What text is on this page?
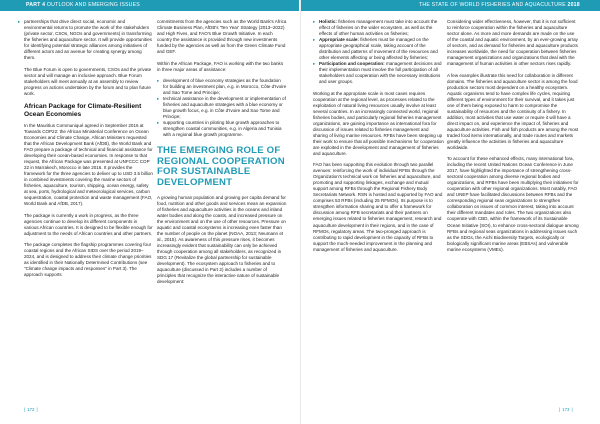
PART 4 OUTLOOK AND EMERGING ISSUES	THE STATE OF WORLD FISHERIES AND AQUACULTURE 2018
▸ partnerships that drive direct social, economic and environmental returns to promote the work of the stakeholders (private sector, CSOs, NGOs and governments) in transforming the fisheries and aquaculture sector. It will provide opportunities for identifying potential strategic alliances among initiatives of different actors and an avenue for creating synergy among them.

The Blue Forum is open to governments, CSOs and the private sector and will manage an inclusive approach. Blue Forum stakeholders will meet annually at an assembly to review progress on actions undertaken by the forum and to plan future work.

African Package for Climate-Resilient Ocean Economies

In the Mauritius Communiqué agreed in September 2016 at Towards COP22: the African Ministerial Conference on Ocean Economies and Climate Change, African Ministers requested that the African Development Bank (AfDB), the World Bank and FAO prepare a package of technical and financial assistance for developing their ocean-based economies. In response to that request, the African Package was presented at UNFCCC COP 22 in Marrakech, Morocco in late 2016. It provides the framework for the three agencies to deliver up to USD 3.5 billion in combined investments covering the marine sectors of fisheries, aquaculture, tourism, shipping, ocean energy, safety at sea, ports, hydrological and meteorological services, carbon sequestration, coastal protection and waste management (FAO, World Bank and AfDB, 2017).

The package is currently a work in progress, as the three agencies continue to develop its different components in various African countries. It is designed to be flexible enough for adjustment to the needs of African countries and other partners.

The package completes the flagship programmes covering four coastal regions and the African SIDS over the period 2019–2024, and is designed to address their climate change priorities as identified in their Nationally Determined Contributions (see "Climate change impacts and responses" in Part 3). The approach supports

commitments from the agencies such as the World Bank's Africa Climate Business Plan, AfDB's 'Ten Year' Strategy (2013–2022) and High Fives, and FAO's Blue Growth Initiative. In each country the assistance is provided through new investments funded by the agencies as well as from the Green Climate Fund and GEF.

Within the African Package, FAO is working with the two banks in three major areas of assistance:

▸ development of blue economy strategies as the foundation for building an investment plan, e.g. in Morocco, Côte d'Ivoire and Sao Tome and Principe;
▸ technical assistance in the development or implementation of fisheries and aquaculture strategies with a blue economy or blue growth focus, e.g. in Côte d'Ivoire and Sao Tome and Principe;
▸ supporting countries in piloting blue growth approaches to strengthen coastal communities, e.g. in Algeria and Tunisia with a regional blue growth programme.
THE EMERGING ROLE OF REGIONAL COOPERATION FOR SUSTAINABLE DEVELOPMENT

A growing human population and growing per capita demand for food, nutrition and other goods and services mean an expansion of fisheries and aquaculture activities in the oceans and inland water bodies and along the coasts, and increased pressure on the environment and on the use of other resources. Pressure on aquatic and coastal ecosystems is increasing even faster than the number of people on the planet (NOAA, 2013; Neumann et al., 2015). As awareness of this pressure rises, it becomes increasingly evident that sustainability can only be achieved through cooperation among all stakeholders, as recognized in SDG 17 (Revitalize the global partnership for sustainable development). The ecosystem approach to fisheries and to aquaculture (discussed in Part 2) includes a number of principles that recognize the interactive nature of sustainable development:

▸ Holistic: fisheries management must take into account the effect of fisheries on the wider ecosystem, as well as the effects of other human activities on fisheries;
▸ Appropriate scale: fisheries must be managed on the appropriate geographical scale, taking account of the distribution and patterns of movement of the resources and other elements affecting or being affected by fisheries;
▸ Participation and cooperation: management decisions and their implementation must involve the full participation of all stakeholders and cooperation with the necessary institutions and user groups.

Working at the appropriate scale in most cases requires cooperation at the regional level, as processes related to the exploitation of natural living resources usually involve at least several countries. In an increasingly connected world, regional fisheries bodies, and particularly regional fisheries management organizations, are gaining importance as international fora for discussion of issues related to fisheries management and sharing of living marine resources. RFBs have been stepping up their work to ensure that all possible mechanisms for cooperation are exploited in the development and management of fisheries and aquaculture.

FAO has been supporting this evolution through two parallel avenues: reinforcing the work of individual RFBs through the Organization's technical work on fisheries and aquaculture, and promoting and supporting linkages, exchange and mutual support among RFBs through the Regional Fishery Body Secretariats Network. RSN is hosted and supported by FAO and comprises 53 RFBs (including 25 RFMOs). Its purpose is to strengthen information sharing and to offer a framework for discussion among RFB secretariats and their partners on emerging issues related to fisheries management, research and aquaculture development in their regions, and in the case of RFMOs, regulatory areas. The two-pronged approach is contributing to rapid development in the capacity of RFBs to support the much-needed improvement in the planning and management of fisheries and aquaculture.

Considering wider effectiveness, however, that it is not sufficient to reinforce cooperation within the fisheries and aquaculture sector alone. As more and more demands are made on the use of the coastal and aquatic environment, by an ever-growing array of sectors, and as demand for fisheries and aquaculture products increases worldwide, the need for cooperation between fisheries management organizations and organizations that deal with the management of human activities in other sectors rises rapidly.

A few examples illustrate this need for collaboration in different domains. The fisheries and aquaculture sector is among the food production sectors most dependent on a healthy ecosystem. Aquatic organisms tend to have complex life cycles, requiring different types of environment for their survival, and it takes just one of them being exposed to harm to compromise the sustainability of resources and the continuity of a fishery. In addition, most activities that use water or require it will have a direct impact on, and experience the impact of, fisheries and aquaculture activities. Fish and fish products are among the most traded food items internationally, and trade routes and markets greatly influence the activities in fisheries and aquaculture worldwide.

To account for these enhanced effects, many international fora, including the recent United Nations Ocean Conference in June 2017, have highlighted the importance of strengthening cross-sectoral cooperation among diverse regional bodies and organizations, and RFBs have been multiplying their initiatives for cooperation with other regional organizations. Most notably, FAO and UNEP have facilitated discussions between RFBs and the corresponding regional seas organizations to strengthen collaboration on issues of common interest, taking into account their different mandates and roles. The two organizations also cooperate with CBD, within the framework of its Sustainable Ocean Initiative (SOI), to enhance cross-sectoral dialogue among RFBs and regional seas organizations in addressing issues such as the SDGs, the Aichi Biodiversity Targets, ecologically or biologically significant marine areas (EBSAs) and vulnerable marine ecosystems (VMEs).

| 172 |	| 173 |
